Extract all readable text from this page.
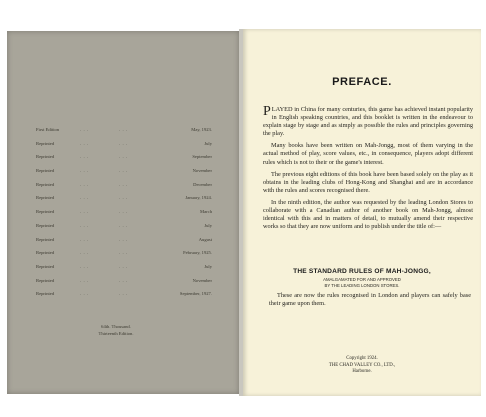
First Edition	. . .	. . .	May, 1923.
Reprinted	. . .	. . .	July
Reprinted	. . .	. . .	September
Reprinted	. . .	. . .	November
Reprinted	. . .	. . .	December
Reprinted	. . .	. . .	January, 1924.
Reprinted	. . .	. . .	March
Reprinted	. . .	. . .	July
Reprinted	. . .	. . .	August
Reprinted	. . .	. . .	February, 1925.
Reprinted	. . .	. . .	July
Reprinted	. . .	. . .	November
Reprinted	. . .	. . .	September, 1927.
64th. Thousand.
Thirteenth Edition.
PREFACE.

PLAYED in China for many centuries, this game has achieved instant popularity in English speaking countries, and this booklet is written in the endeavour to explain stage by stage and as simply as possible the rules and principles governing the play.

Many books have been written on Mah-Jongg, most of them varying in the actual method of play, score values, etc., in consequence, players adopt different rules which is not to their or the game's interest.

The previous eight editions of this book have been based solely on the play as it obtains in the leading clubs of Hong-Kong and Shanghai and are in accordance with the rules and scores recognised there.

In the ninth edition, the author was requested by the leading London Stores to collaborate with a Canadian author of another book on Mah-Jongg, almost identical with this and in matters of detail, to mutually amend their respective works so that they are now uniform and to publish under the title of:—

THE STANDARD RULES OF MAH-JONGG,
AMALGAMATED FOR AND APPROVED
BY THE LEADING LONDON STORES.

These are now the rules recognised in London and players can safely base their game upon them.

Copyright 1924.
THE CHAD VALLEY CO., LTD.,
Harborne.
